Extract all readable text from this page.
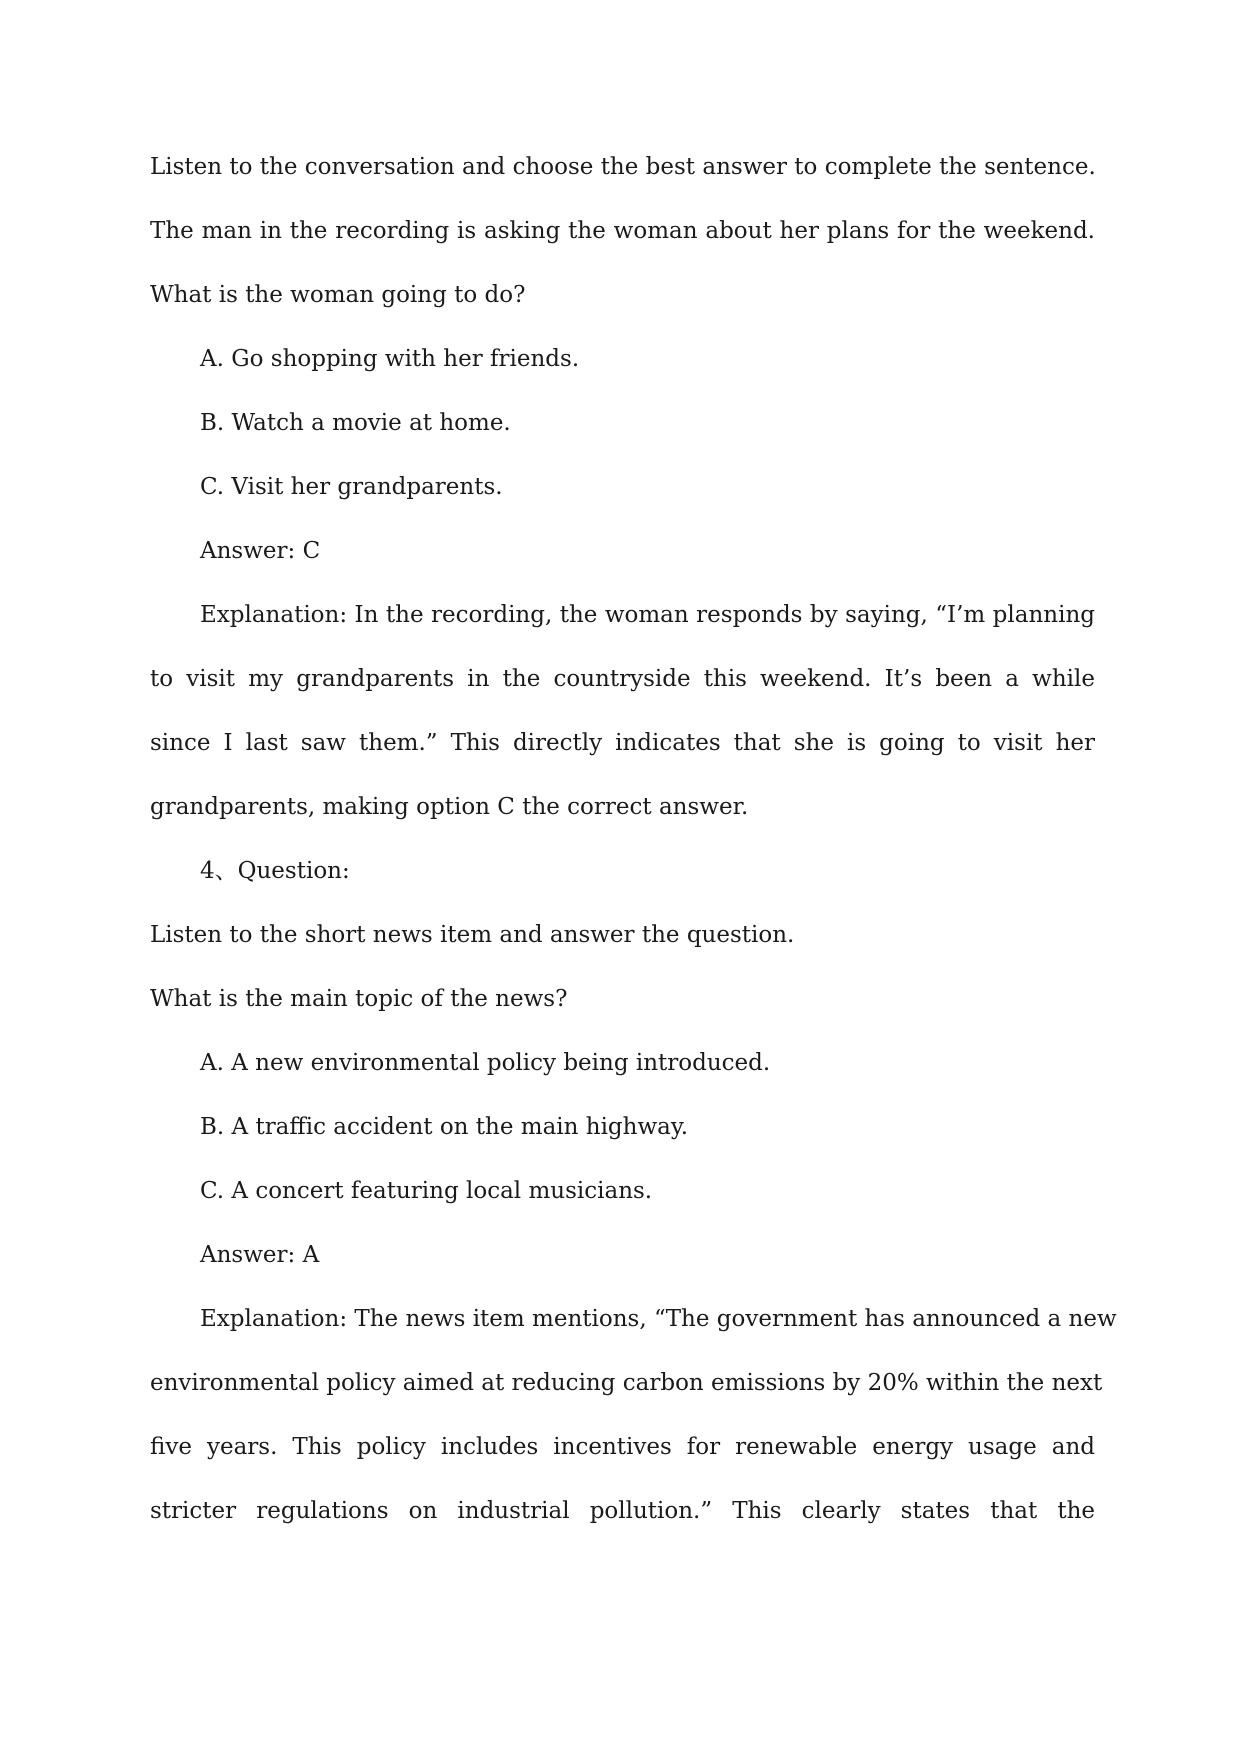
Listen to the conversation and choose the best answer to complete the sentence.
The man in the recording is asking the woman about her plans for the weekend.
What is the woman going to do?
A. Go shopping with her friends.
B. Watch a movie at home.
C. Visit her grandparents.
Answer: C
Explanation: In the recording, the woman responds by saying, “I’m planning
to visit my grandparents in the countryside this weekend. It’s been a while
since I last saw them.” This directly indicates that she is going to visit her
grandparents, making option C the correct answer.
4、Question:
Listen to the short news item and answer the question.
What is the main topic of the news?
A. A new environmental policy being introduced.
B. A traffic accident on the main highway.
C. A concert featuring local musicians.
Answer: A
Explanation: The news item mentions, “The government has announced a new
environmental policy aimed at reducing carbon emissions by 20% within the next
five years. This policy includes incentives for renewable energy usage and
stricter regulations on industrial pollution.” This clearly states that the
